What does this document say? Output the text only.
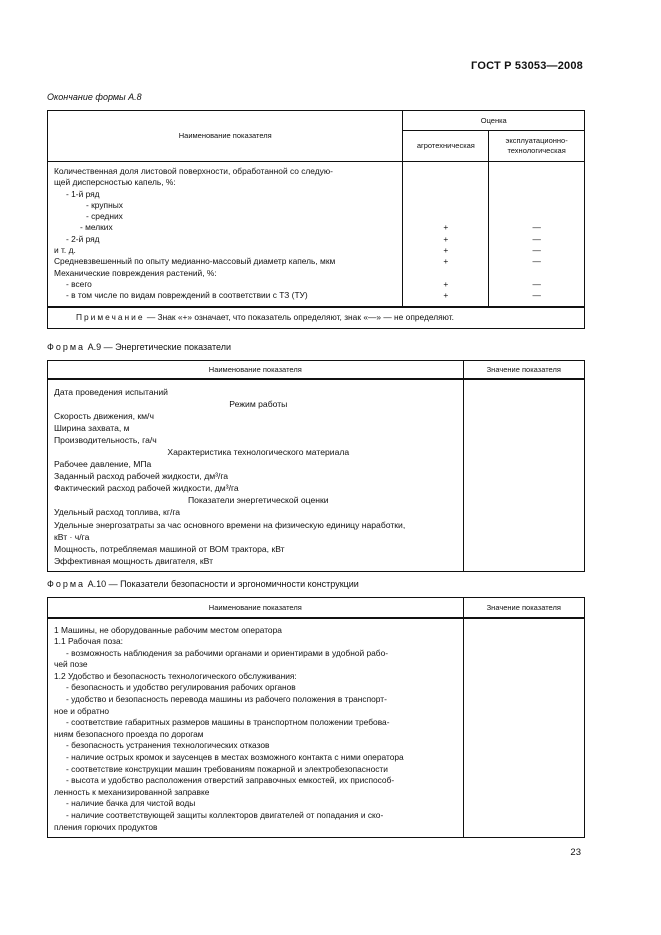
ГОСТ Р 53053—2008
Окончание формы А.8
Наименование показателя	Оценка	
	агротехническая	эксплуатационно-
технологическая
Количественная доля листовой поверхности, обработанной со следую-		
щей дисперсностью капель, %:		
- 1-й ряд		
- крупных		
- средних		
- мелких	+	—
- 2-й ряд	+	—
и т. д.	+	—
Средневзвешенный по опыту медианно-массовый диаметр капель, мкм	+	—
Механические повреждения растений, %:		
- всего	+	—
- в том числе по видам повреждений в соответствии с ТЗ (ТУ)	+	—
Примечание — Знак «+» означает, что показатель определяют, знак «—» — не определяют.		
Форма А.9 — Энергетические показатели
Наименование показателя	Значение показателя
Дата проведения испытаний	
Режим работы	
Скорость движения, км/ч	
Ширина захвата, м	
Производительность, га/ч	
Характеристика технологического материала	
Рабочее давление, МПа	
Заданный расход рабочей жидкости, дм³/га	
Фактический расход рабочей жидкости, дм³/га	
Показатели энергетической оценки	
Удельный расход топлива, кг/га	
Удельные энергозатраты за час основного времени на физическую единицу наработки,	
кВт · ч/га	
Мощность, потребляемая машиной от ВОМ трактора, кВт	
Эффективная мощность двигателя, кВт	
Форма А.10 — Показатели безопасности и эргономичности конструкции
Наименование показателя	Значение показателя
1 Машины, не оборудованные рабочим местом оператора	
1.1 Рабочая поза:	
- возможность наблюдения за рабочими органами и ориентирами в удобной рабо-	
чей позе	
1.2 Удобство и безопасность технологического обслуживания:	
- безопасность и удобство регулирования рабочих органов	
- удобство и безопасность перевода машины из рабочего положения в транспорт-	
ное и обратно	
- соответствие габаритных размеров машины в транспортном положении требова-	
ниям безопасного проезда по дорогам	
- безопасность устранения технологических отказов	
- наличие острых кромок и заусенцев в местах возможного контакта с ними оператора	
- соответствие конструкции машин требованиям пожарной и электробезопасности	
- высота и удобство расположения отверстий заправочных емкостей, их приспособ-	
ленность к механизированной заправке	
- наличие бачка для чистой воды	
- наличие соответствующей защиты коллекторов двигателей от попадания и ско-	
пления горючих продуктов	
23
